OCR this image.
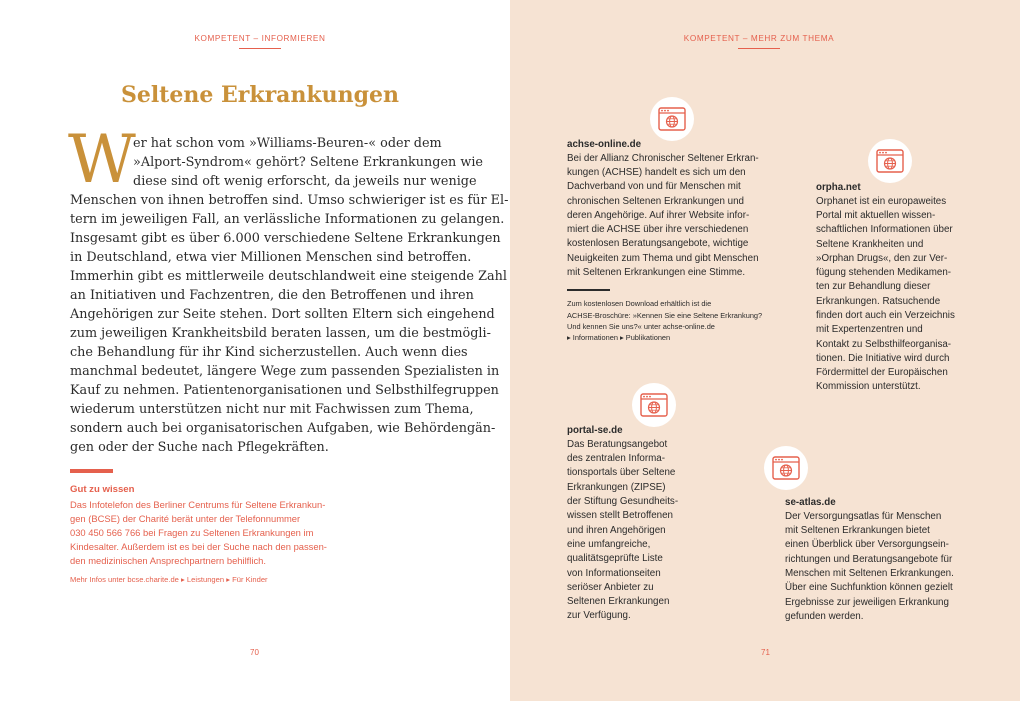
KOMPETENT – INFORMIEREN
Seltene Erkrankungen
W
er hat schon vom »Williams-Beuren-« oder dem
»Alport-Syndrom« gehört? Seltene Erkrankungen wie
diese sind oft wenig erforscht, da jeweils nur wenige
Menschen von ihnen betroffen sind. Umso schwieriger ist es für El-
tern im jeweiligen Fall, an verlässliche Informationen zu gelangen.
Insgesamt gibt es über 6.000 verschiedene Seltene Erkrankungen
in Deutschland, etwa vier Millionen Menschen sind betroffen.
Immerhin gibt es mittlerweile deutschlandweit eine steigende Zahl
an Initiativen und Fachzentren, die den Betroffenen und ihren
Angehörigen zur Seite stehen. Dort sollten Eltern sich eingehend
zum jeweiligen Krankheitsbild beraten lassen, um die bestmögli-
che Behandlung für ihr Kind sicherzustellen. Auch wenn dies
manchmal bedeutet, längere Wege zum passenden Spezialisten in
Kauf zu nehmen. Patientenorganisationen und Selbsthilfegruppen
wiederum unterstützen nicht nur mit Fachwissen zum Thema,
sondern auch bei organisatorischen Aufgaben, wie Behördengän-
gen oder der Suche nach Pflegekräften.
Gut zu wissen
Das Infotelefon des Berliner Centrums für Seltene Erkrankun-
gen (BCSE) der Charité berät unter der Telefonnummer
030 450 566 766 bei Fragen zu Seltenen Erkrankungen im
Kindesalter. Außerdem ist es bei der Suche nach den passen-
den medizinischen Ansprechpartnern behilflich.
Mehr Infos unter bcse.charite.de ▸ Leistungen ▸ Für Kinder
70
KOMPETENT – MEHR ZUM THEMA
achse-online.de
Bei der Allianz Chronischer Seltener Erkran-
kungen (ACHSE) handelt es sich um den
Dachverband von und für Menschen mit
chronischen Seltenen Erkrankungen und
deren Angehörige. Auf ihrer Website infor-
miert die ACHSE über ihre verschiedenen
kostenlosen Beratungsangebote, wichtige
Neuigkeiten zum Thema und gibt Menschen
mit Seltenen Erkrankungen eine Stimme.
Zum kostenlosen Download erhältlich ist die
ACHSE-Broschüre: »Kennen Sie eine Seltene Erkrankung?
Und kennen Sie uns?« unter achse-online.de
▸ Informationen ▸ Publikationen
orpha.net
Orphanet ist ein europaweites
Portal mit aktuellen wissen-
schaftlichen Informationen über
Seltene Krankheiten und
»Orphan Drugs«, den zur Ver-
fügung stehenden Medikamen-
ten zur Behandlung dieser
Erkrankungen. Ratsuchende
finden dort auch ein Verzeichnis
mit Expertenzentren und
Kontakt zu Selbsthilfeorganisa-
tionen. Die Initiative wird durch
Fördermittel der Europäischen
Kommission unterstützt.
portal-se.de
Das Beratungsangebot
des zentralen Informa-
tionsportals über Seltene
Erkrankungen (ZIPSE)
der Stiftung Gesundheits-
wissen stellt Betroffenen
und ihren Angehörigen
eine umfangreiche,
qualitätsgeprüfte Liste
von Informationseiten
seriöser Anbieter zu
Seltenen Erkrankungen
zur Verfügung.
se-atlas.de
Der Versorgungsatlas für Menschen
mit Seltenen Erkrankungen bietet
einen Überblick über Versorgungsein-
richtungen und Beratungsangebote für
Menschen mit Seltenen Erkrankungen.
Über eine Suchfunktion können gezielt
Ergebnisse zur jeweiligen Erkrankung
gefunden werden.
71
